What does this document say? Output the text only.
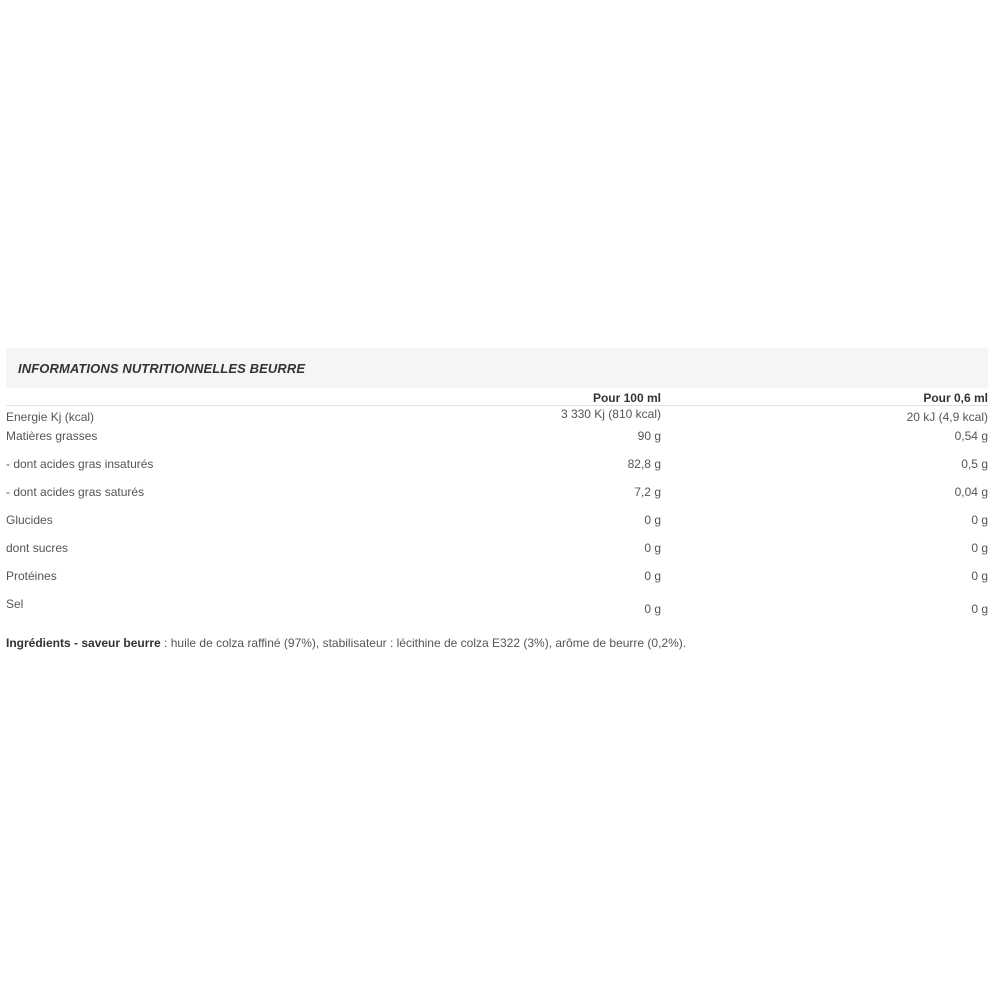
INFORMATIONS NUTRITIONNELLES BEURRE
	Pour 100 ml	Pour 0,6 ml
Energie Kj (kcal)	3 330 Kj (810 kcal)	20 kJ (4,9 kcal)
Matières grasses	90 g	0,54 g
- dont acides gras insaturés	82,8 g	0,5 g
- dont acides gras saturés	7,2 g	0,04 g
Glucides	0 g	0 g
dont sucres	0 g	0 g
Protéines	0 g	0 g
Sel	0 g	0 g
Ingrédients - saveur beurre : huile de colza raffiné (97%), stabilisateur : lécithine de colza E322 (3%), arôme de beurre (0,2%).
